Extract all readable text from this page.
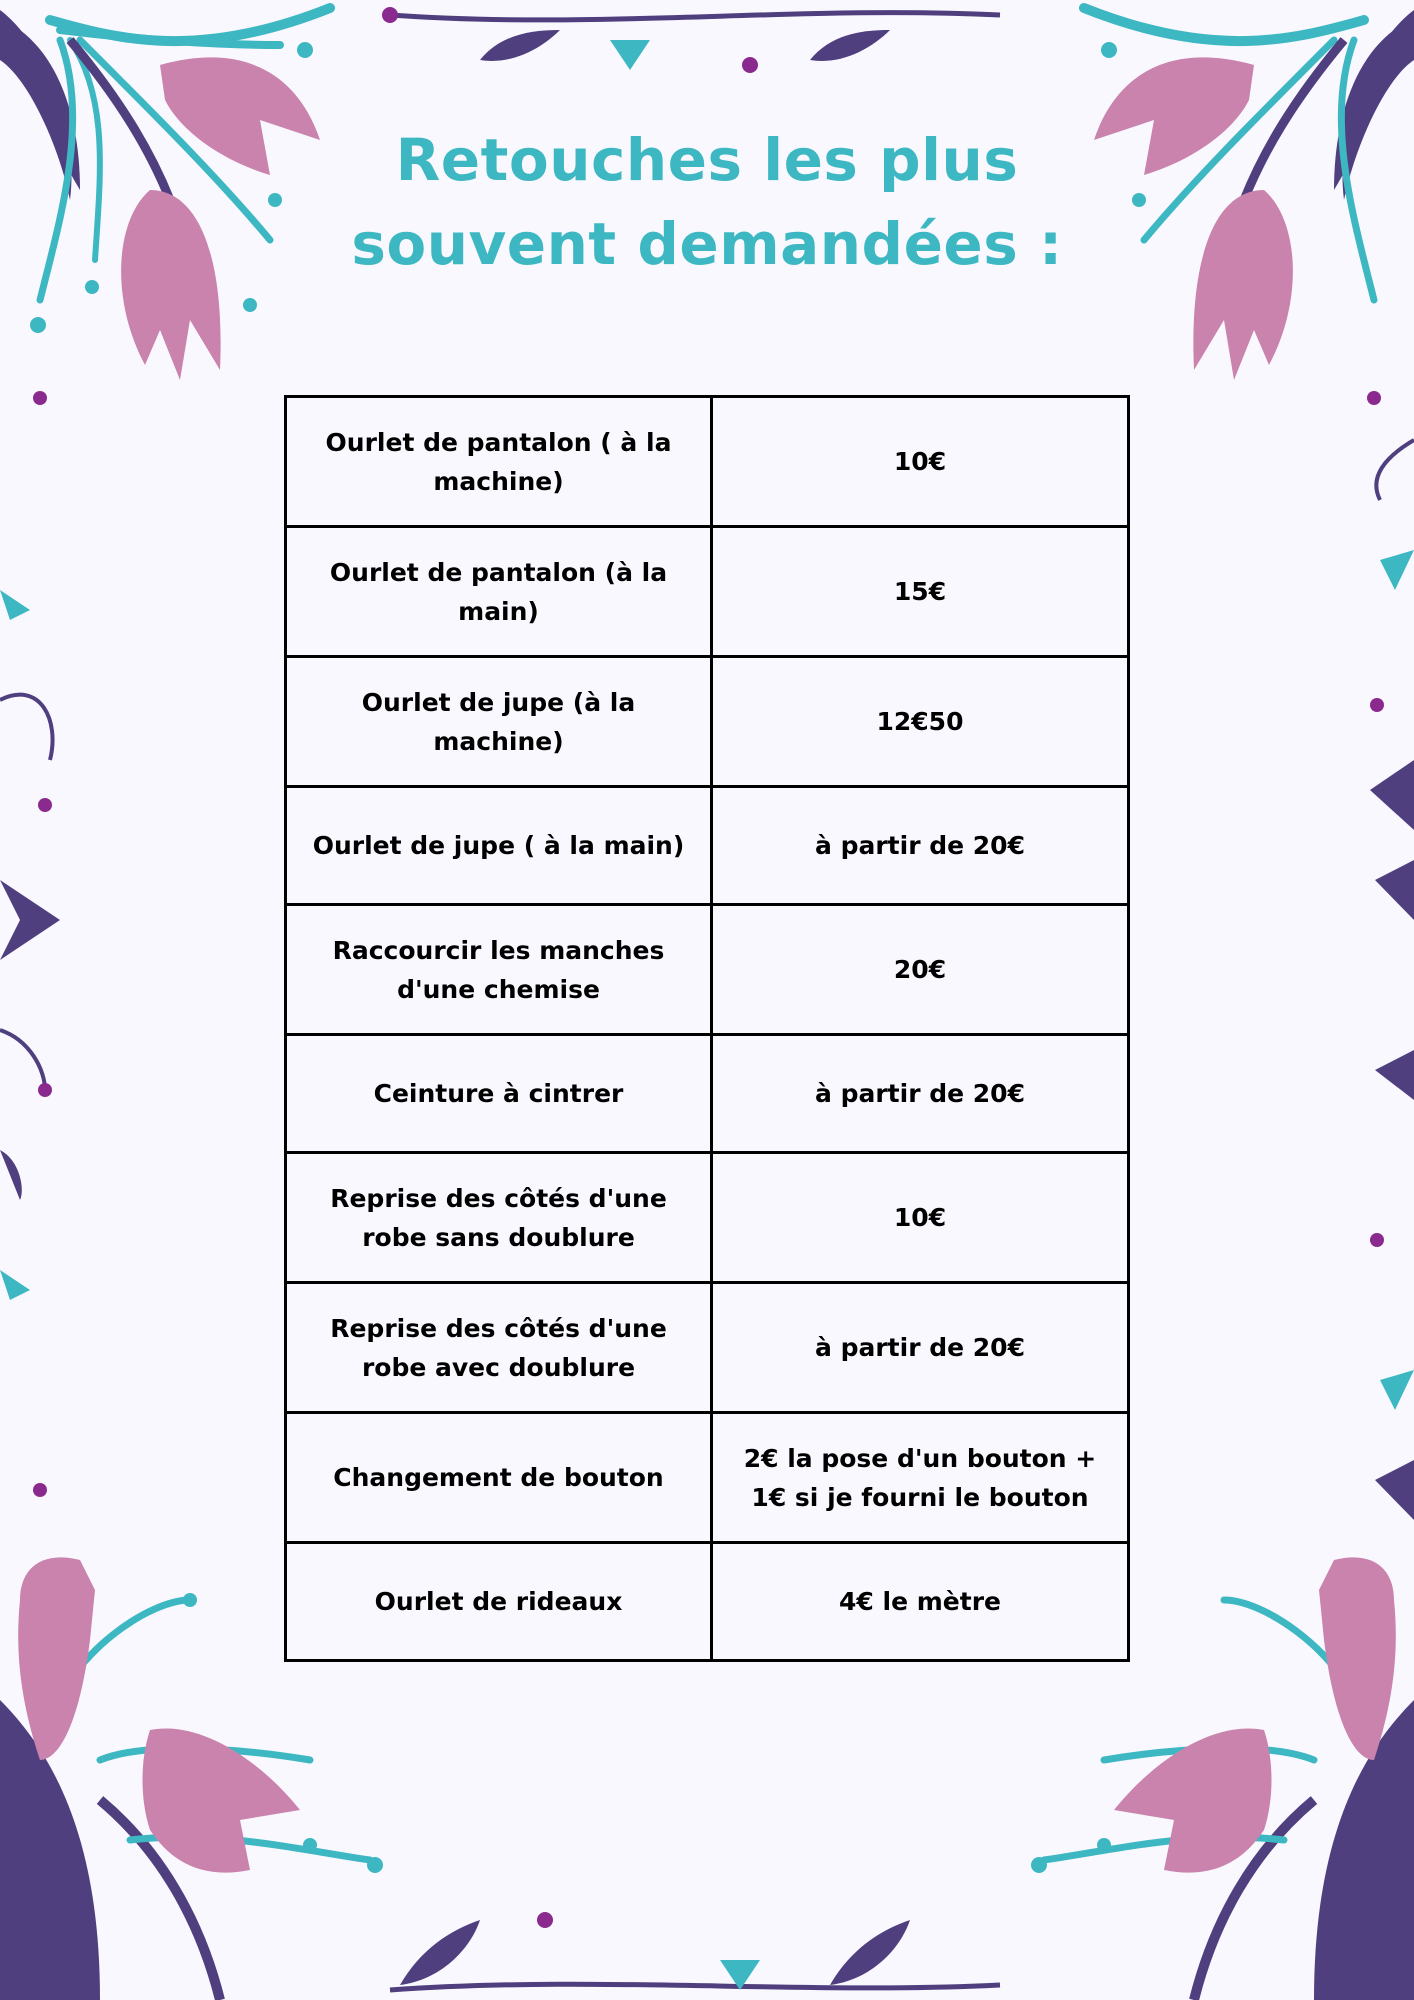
Retouches les plus
souvent demandées :
Ourlet de pantalon ( à la machine)	10€
Ourlet de pantalon (à la main)	15€
Ourlet de jupe (à la machine)	12€50
Ourlet de jupe ( à la main)	à partir de 20€
Raccourcir les manches d'une chemise	20€
Ceinture à cintrer	à partir de 20€
Reprise des côtés d'une robe sans doublure	10€
Reprise des côtés d'une robe avec doublure	à partir de 20€
Changement de bouton	2€ la pose d'un bouton + 1€ si je fourni le bouton
Ourlet de rideaux	4€ le mètre
